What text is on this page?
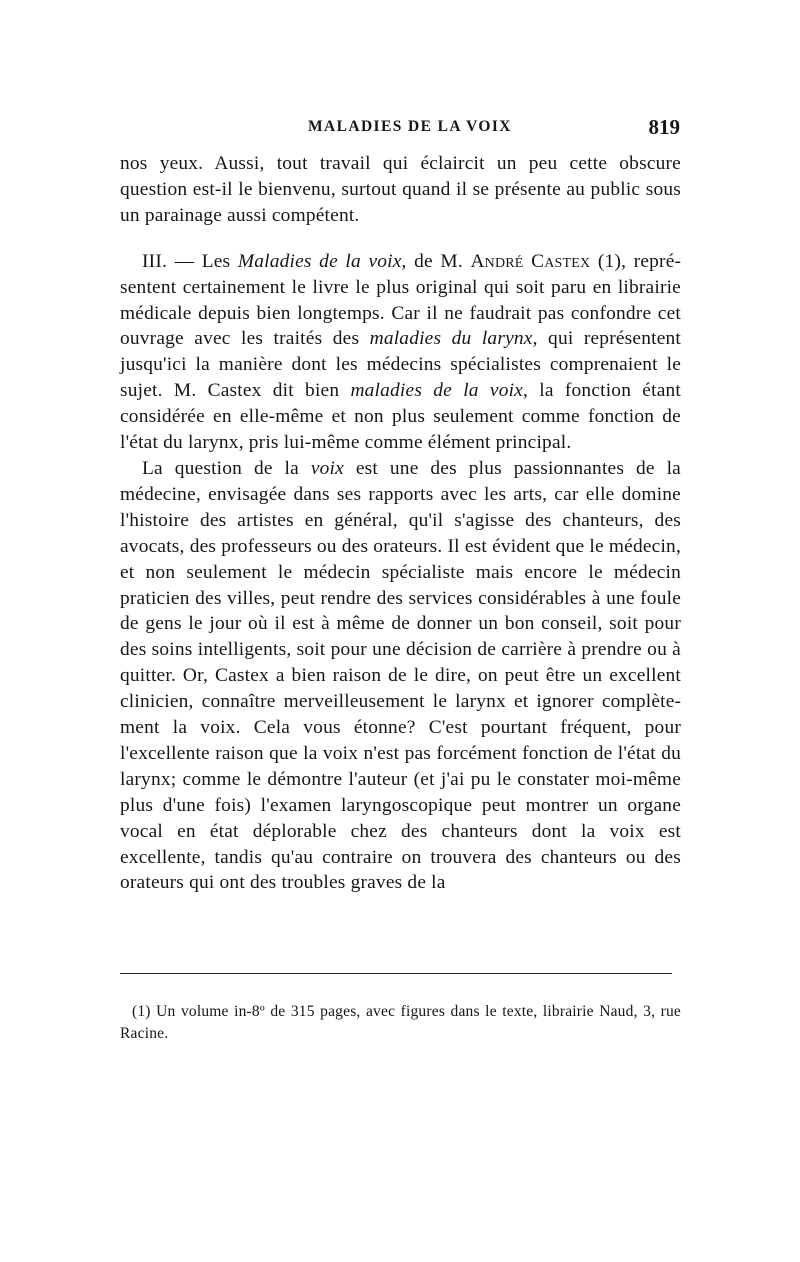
MALADIES DE LA VOIX	819

nos yeux. Aussi, tout travail qui éclaircit un peu cette obscure question est-il le bienvenu, surtout quand il se présente au public sous un parainage aussi compétent.

III. — Les Maladies de la voix, de M. André Castex (1), représentent certainement le livre le plus original qui soit paru en librairie médicale depuis bien longtemps. Car il ne faudrait pas confondre cet ouvrage avec les traités des maladies du larynx, qui représentent jusqu'ici la manière dont les médecins spécialistes comprenaient le sujet. M. Castex dit bien maladies de la voix, la fonction étant considérée en elle-même et non plus seulement comme fonction de l'état du larynx, pris lui-même comme élément principal.

La question de la voix est une des plus passionnantes de la médecine, envisagée dans ses rapports avec les arts, car elle domine l'histoire des artistes en général, qu'il s'agisse des chanteurs, des avocats, des professeurs ou des orateurs. Il est évident que le médecin, et non seulement le médecin spécialiste mais encore le médecin praticien des villes, peut rendre des services considérables à une foule de gens le jour où il est à même de donner un bon conseil, soit pour des soins intelligents, soit pour une décision de carrière à prendre ou à quitter. Or, Castex a bien raison de le dire, on peut être un excellent clinicien, connaître merveilleusement le larynx et ignorer complètement la voix. Cela vous étonne? C'est pourtant fréquent, pour l'excellente raison que la voix n'est pas forcément fonction de l'état du larynx; comme le démontre l'auteur (et j'ai pu le constater moi-même plus d'une fois) l'examen laryngoscopique peut montrer un organe vocal en état déplorable chez des chanteurs dont la voix est excellente, tandis qu'au contraire on trouvera des chanteurs ou des orateurs qui ont des troubles graves de la

(1) Un volume in-8º de 315 pages, avec figures dans le texte, librairie Naud, 3, rue Racine.
